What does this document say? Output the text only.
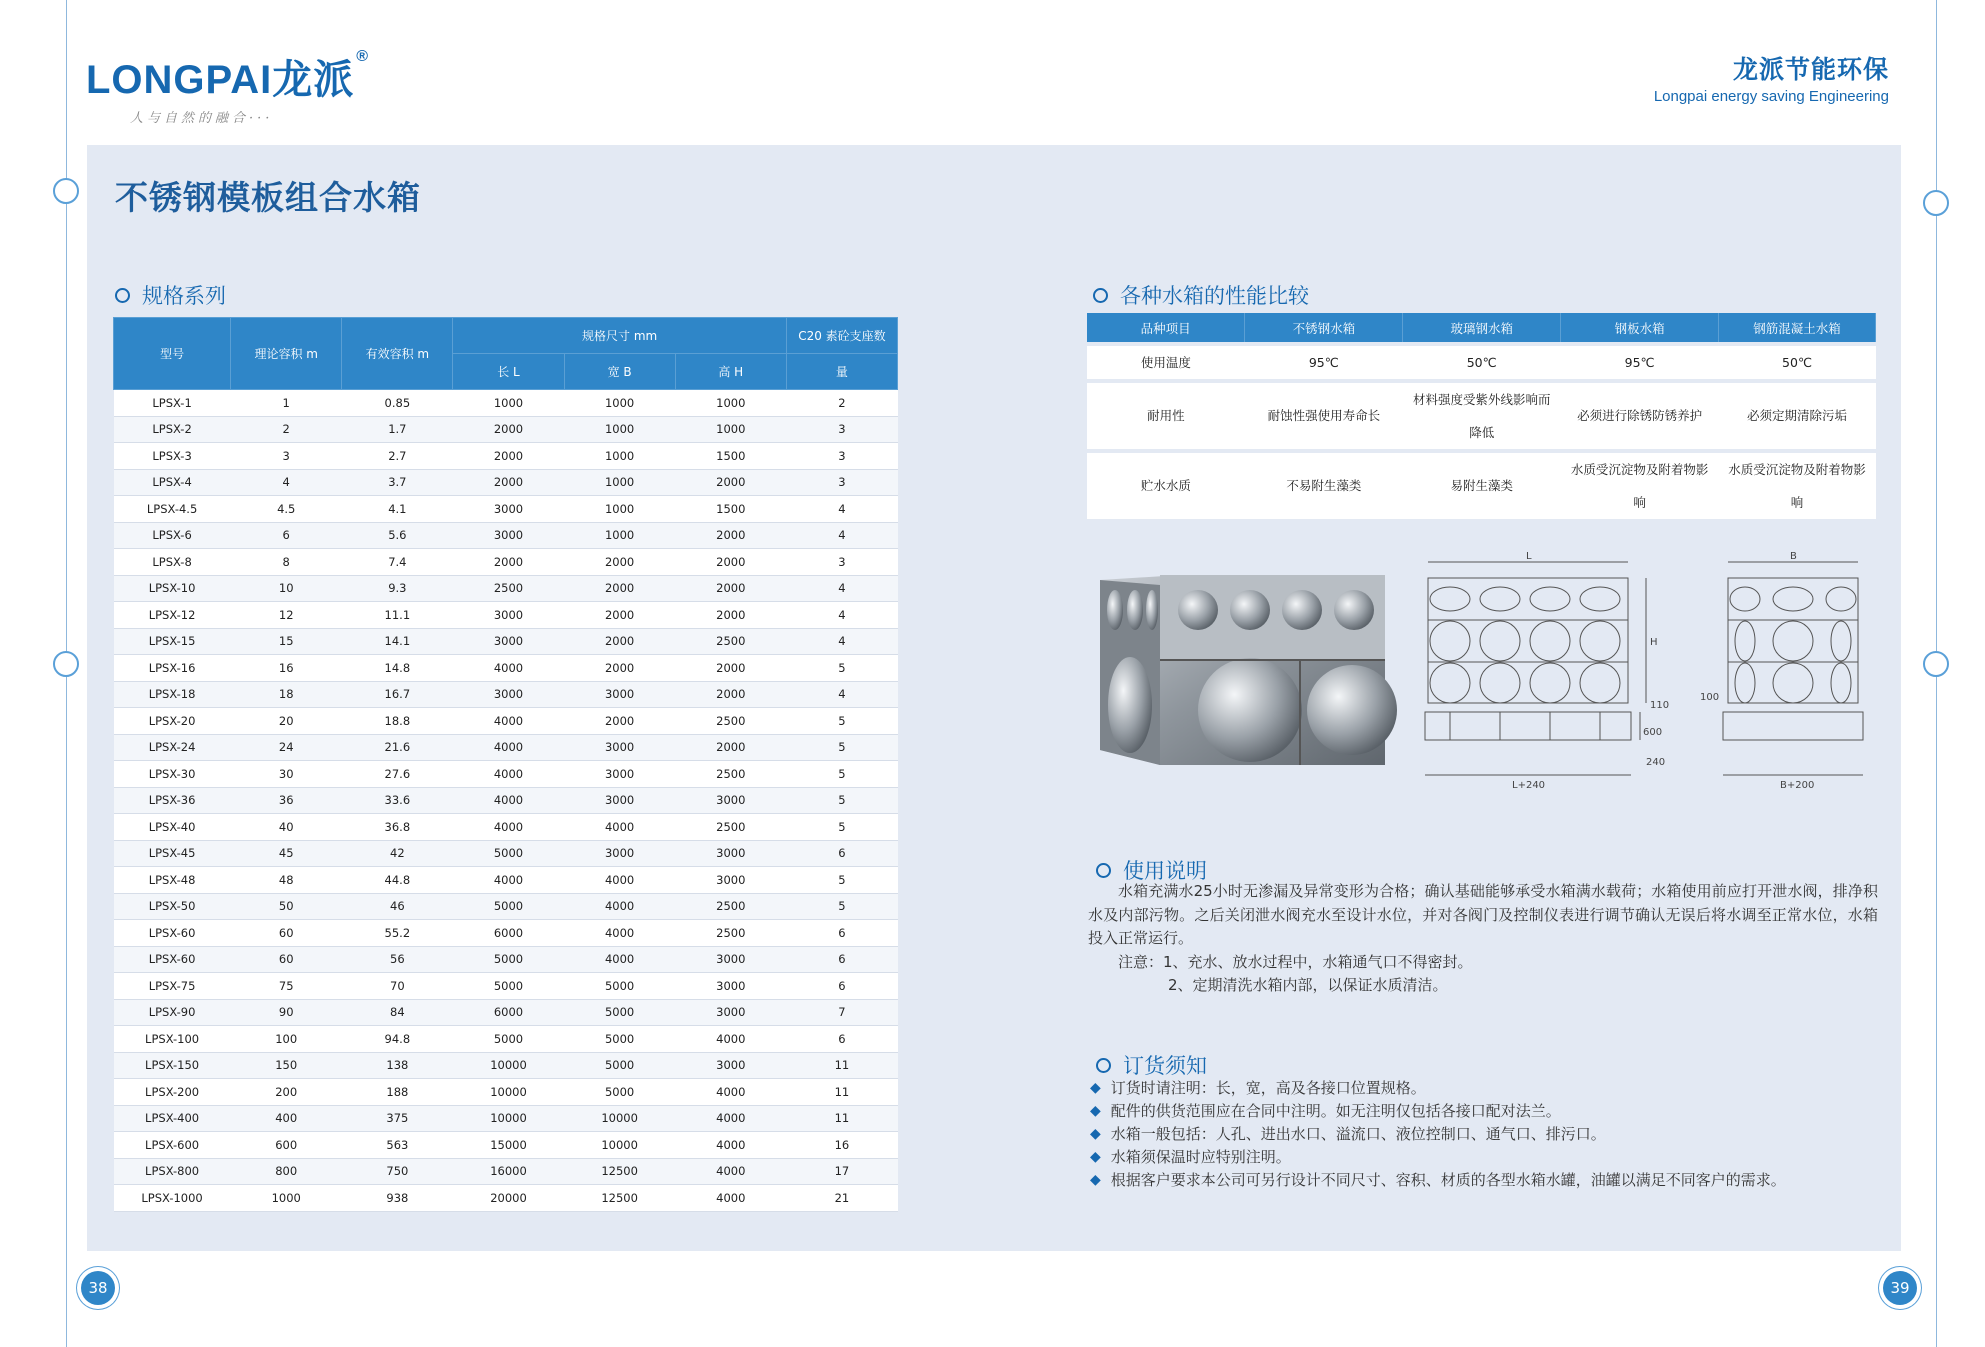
LONGPAI龙派®
人与自然的融合···
龙派节能环保
Longpai energy saving Engineering
不锈钢模板组合水箱
规格系列
型号	理论容积 m	有效容积 m	规格尺寸 mm			C20 素砼支座数
			长 L	宽 B	高 H	量
LPSX-1	1	0.85	1000	1000	1000	2
LPSX-2	2	1.7	2000	1000	1000	3
LPSX-3	3	2.7	2000	1000	1500	3
LPSX-4	4	3.7	2000	1000	2000	3
LPSX-4.5	4.5	4.1	3000	1000	1500	4
LPSX-6	6	5.6	3000	1000	2000	4
LPSX-8	8	7.4	2000	2000	2000	3
LPSX-10	10	9.3	2500	2000	2000	4
LPSX-12	12	11.1	3000	2000	2000	4
LPSX-15	15	14.1	3000	2000	2500	4
LPSX-16	16	14.8	4000	2000	2000	5
LPSX-18	18	16.7	3000	3000	2000	4
LPSX-20	20	18.8	4000	2000	2500	5
LPSX-24	24	21.6	4000	3000	2000	5
LPSX-30	30	27.6	4000	3000	2500	5
LPSX-36	36	33.6	4000	3000	3000	5
LPSX-40	40	36.8	4000	4000	2500	5
LPSX-45	45	42	5000	3000	3000	6
LPSX-48	48	44.8	4000	4000	3000	5
LPSX-50	50	46	5000	4000	2500	5
LPSX-60	60	55.2	6000	4000	2500	6
LPSX-60	60	56	5000	4000	3000	6
LPSX-75	75	70	5000	5000	3000	6
LPSX-90	90	84	6000	5000	3000	7
LPSX-100	100	94.8	5000	5000	4000	6
LPSX-150	150	138	10000	5000	3000	11
LPSX-200	200	188	10000	5000	4000	11
LPSX-400	400	375	10000	10000	4000	11
LPSX-600	600	563	15000	10000	4000	16
LPSX-800	800	750	16000	12500	4000	17
LPSX-1000	1000	938	20000	12500	4000	21
各种水箱的性能比较
品种项目	不锈钢水箱	玻璃钢水箱	钢板水箱	钢筋混凝土水箱
使用温度	95℃	50℃	95℃	50℃
耐用性	耐蚀性强使用寿命长	材料强度受紫外线影响而降低	必须进行除锈防锈养护	必须定期清除污垢
贮水水质	不易附生藻类	易附生藻类	水质受沉淀物及附着物影响	水质受沉淀物及附着物影响
L
H
110
600
240
L+240
B
100
B+200
使用说明

水箱充满水25小时无渗漏及异常变形为合格；确认基础能够承受水箱满水载荷；水箱使用前应打开泄水阀，排净积水及内部污物。之后关闭泄水阀充水至设计水位，并对各阀门及控制仪表进行调节确认无误后将水调至正常水位，水箱投入正常运行。

注意：1、充水、放水过程中，水箱通气口不得密封。
2、定期清洗水箱内部，以保证水质清洁。
订货须知
◆ 订货时请注明：长，宽，高及各接口位置规格。
◆ 配件的供货范围应在合同中注明。如无注明仅包括各接口配对法兰。
◆ 水箱一般包括：人孔、进出水口、溢流口、液位控制口、通气口、排污口。
◆ 水箱须保温时应特别注明。
◆ 根据客户要求本公司可另行设计不同尺寸、容积、材质的各型水箱水罐，油罐以满足不同客户的需求。
38	39
